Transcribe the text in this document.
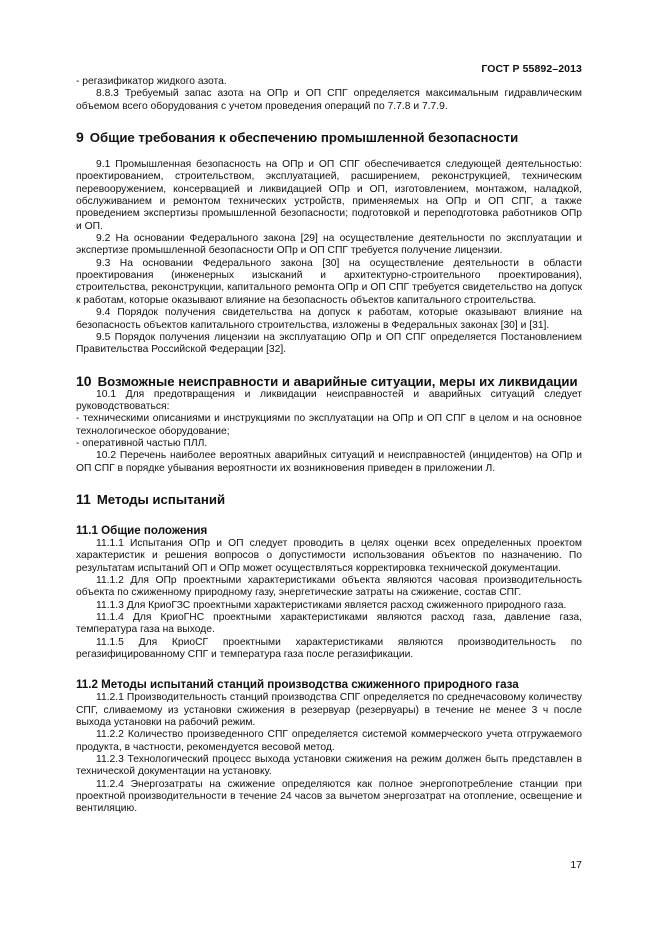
ГОСТ Р 55892–2013

- регазификатор жидкого азота.

8.8.3 Требуемый запас азота на ОПр и ОП СПГ определяется максимальным гидравлическим объемом всего оборудования с учетом проведения операций по 7.7.8 и 7.7.9.

9 Общие требования к обеспечению промышленной безопасности

9.1 Промышленная безопасность на ОПр и ОП СПГ обеспечивается следующей деятельностью: проектированием, строительством, эксплуатацией, расширением, реконструкцией, техническим перевооружением, консервацией и ликвидацией ОПр и ОП, изготовлением, монтажом, наладкой, обслуживанием и ремонтом технических устройств, применяемых на ОПр и ОП СПГ, а также проведением экспертизы промышленной безопасности; подготовкой и переподготовка работников ОПр и ОП.

9.2 На основании Федерального закона [29] на осуществление деятельности по эксплуатации и экспертизе промышленной безопасности ОПр и ОП СПГ требуется получение лицензии.

9.3 На основании Федерального закона [30] на осуществление деятельности в области проектирования (инженерных изысканий и архитектурно-строительного проектирования), строительства, реконструкции, капитального ремонта ОПр и ОП СПГ требуется свидетельство на допуск к работам, которые оказывают влияние на безопасность объектов капитального строительства.

9.4 Порядок получения свидетельства на допуск к работам, которые оказывают влияние на безопасность объектов капитального строительства, изложены в Федеральных законах [30] и [31].

9.5 Порядок получения лицензии на эксплуатацию ОПр и ОП СПГ определяется Постановлением Правительства Российской Федерации [32].

10 Возможные неисправности и аварийные ситуации, меры их ликвидации

10.1 Для предотвращения и ликвидации неисправностей и аварийных ситуаций следует руководствоваться:

- техническими описаниями и инструкциями по эксплуатации на ОПр и ОП СПГ в целом и на основное технологическое оборудование;

- оперативной частью ПЛЛ.

10.2 Перечень наиболее вероятных аварийных ситуаций и неисправностей (инцидентов) на ОПр и ОП СПГ в порядке убывания вероятности их возникновения приведен в приложении Л.

11 Методы испытаний
11.1 Общие положения

11.1.1 Испытания ОПр и ОП следует проводить в целях оценки всех определенных проектом характеристик и решения вопросов о допустимости использования объектов по назначению. По результатам испытаний ОП и ОПр может осуществляться корректировка технической документации.

11.1.2 Для ОПр проектными характеристиками объекта являются часовая производительность объекта по сжиженному природному газу, энергетические затраты на сжижение, состав СПГ.

11.1.3 Для КриоГЗС проектными характеристиками является расход сжиженного природного газа.

11.1.4 Для КриоГНС проектными характеристиками являются расход газа, давление газа, температура газа на выходе.

11.1.5 Для КриоСГ проектными характеристиками являются производительность по регазифицированному СПГ и температура газа после регазификации.

11.2 Методы испытаний станций производства сжиженного природного газа

11.2.1 Производительность станций производства СПГ определяется по среднечасовому количеству СПГ, сливаемому из установки сжижения в резервуар (резервуары) в течение не менее 3 ч после выхода установки на рабочий режим.

11.2.2 Количество произведенного СПГ определяется системой коммерческого учета отгружаемого продукта, в частности, рекомендуется весовой метод.

11.2.3 Технологический процесс выхода установки сжижения на режим должен быть представлен в технической документации на установку.

11.2.4 Энергозатраты на сжижение определяются как полное энергопотребление станции при проектной производительности в течение 24 часов за вычетом энергозатрат на отопление, освещение и вентиляцию.

17
